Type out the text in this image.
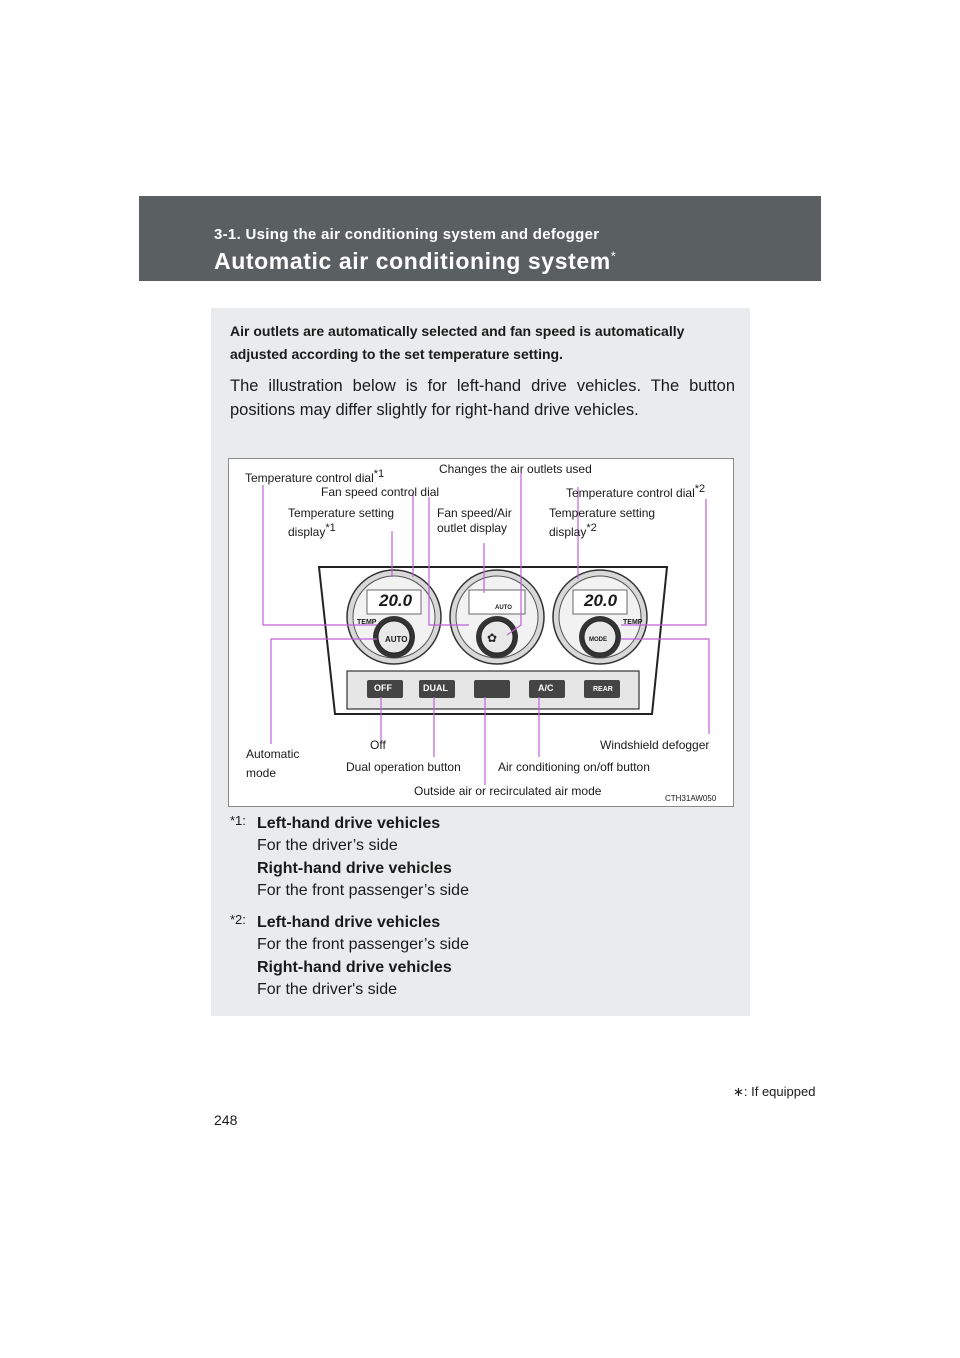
3-1. Using the air conditioning system and defogger
Automatic air conditioning system*
Air outlets are automatically selected and fan speed is automatically adjusted according to the set temperature setting.
The illustration below is for left-hand drive vehicles. The button positions may differ slightly for right-hand drive vehicles.
✿
20.0	20.0
TEMP	TEMP
AUTO
AUTO
MODE
OFF	DUAL	A/C	REAR
Temperature control dial$^{*1}$	Changes the air outlets used
Fan speed control dial	Temperature control dial$^{*2}$
Temperature setting
display$^{*1}$
Fan speed/Air
outlet display
Temperature setting
display$^{*2}$
Automatic
mode
Off	Windshield defogger
Dual operation button	Air conditioning on/off button
Outside air or recirculated air mode
CTH31AW050
*1: Left-hand drive vehicles
For the driver’s side
Right-hand drive vehicles
For the front passenger’s side
*2: Left-hand drive vehicles
For the front passenger’s side
Right-hand drive vehicles
For the driver's side
∗: If equipped
248
